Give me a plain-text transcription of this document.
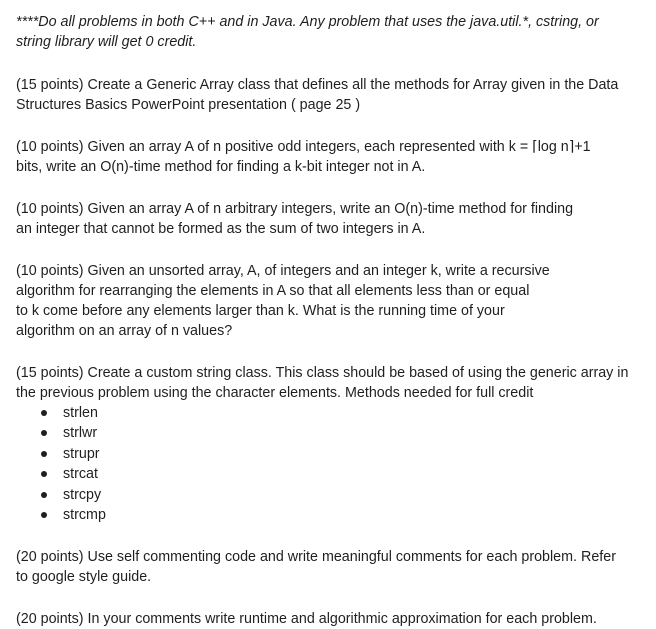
****Do all problems in both C++ and in Java. Any problem that uses the java.util.*, cstring, or
string library will get 0 credit.
(15 points) Create a Generic Array class that defines all the methods for Array given in the Data
Structures Basics PowerPoint presentation ( page 25 )
(10 points) Given an array A of n positive odd integers, each represented with k = ⌈log n⌉+1
bits, write an O(n)-time method for finding a k-bit integer not in A.
(10 points) Given an array A of n arbitrary integers, write an O(n)-time method for finding
an integer that cannot be formed as the sum of two integers in A.
(10 points) Given an unsorted array, A, of integers and an integer k, write a recursive
algorithm for rearranging the elements in A so that all elements less than or equal
to k come before any elements larger than k. What is the running time of your
algorithm on an array of n values?
(15 points) Create a custom string class. This class should be based of using the generic array in
the previous problem using the character elements. Methods needed for full credit
strlen
strlwr
strupr
strcat
strcpy
strcmp
(20 points) Use self commenting code and write meaningful comments for each problem. Refer
to google style guide.
(20 points) In your comments write runtime and algorithmic approximation for each problem.
